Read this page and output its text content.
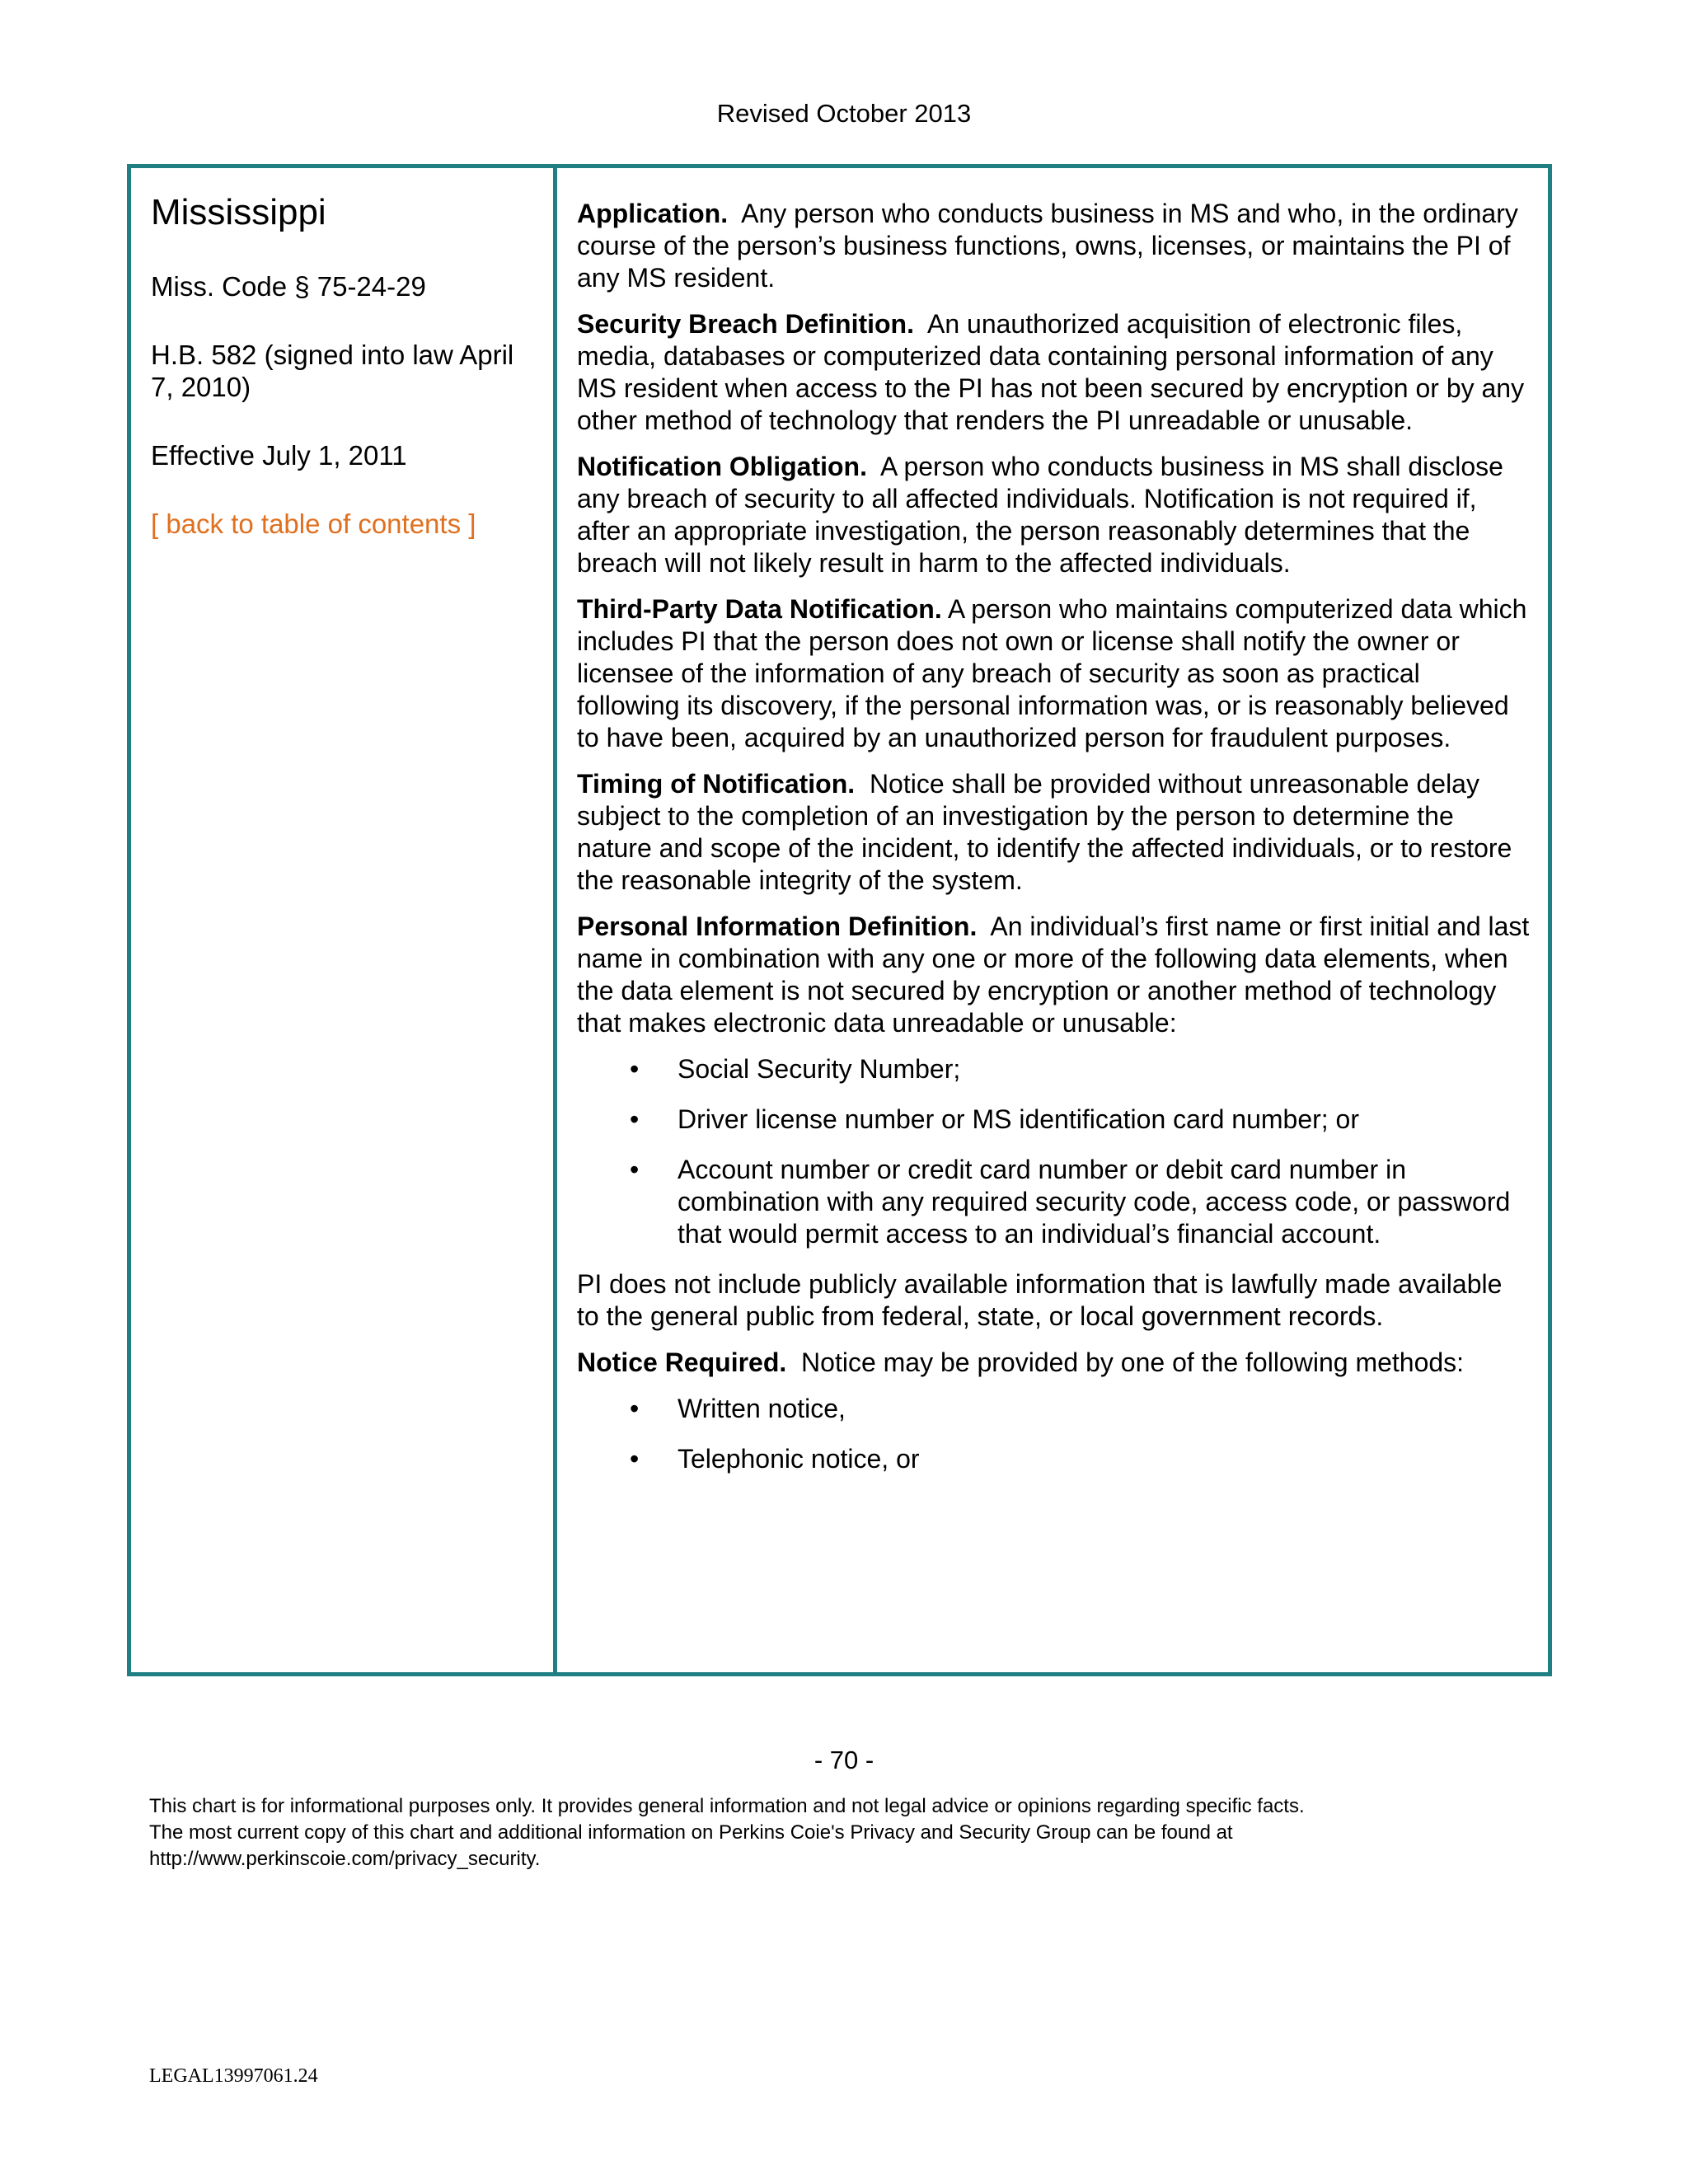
Revised October 2013
Mississippi
Miss. Code § 75-24-29
H.B. 582 (signed into law April 7, 2010)
Effective July 1, 2011
[ back to table of contents ]

Application. Any person who conducts business in MS and who, in the ordinary course of the person’s business functions, owns, licenses, or maintains the PI of any MS resident.

Security Breach Definition. An unauthorized acquisition of electronic files, media, databases or computerized data containing personal information of any MS resident when access to the PI has not been secured by encryption or by any other method of technology that renders the PI unreadable or unusable.

Notification Obligation. A person who conducts business in MS shall disclose any breach of security to all affected individuals. Notification is not required if, after an appropriate investigation, the person reasonably determines that the breach will not likely result in harm to the affected individuals.

Third-Party Data Notification. A person who maintains computerized data which includes PI that the person does not own or license shall notify the owner or licensee of the information of any breach of security as soon as practical following its discovery, if the personal information was, or is reasonably believed to have been, acquired by an unauthorized person for fraudulent purposes.

Timing of Notification. Notice shall be provided without unreasonable delay subject to the completion of an investigation by the person to determine the nature and scope of the incident, to identify the affected individuals, or to restore the reasonable integrity of the system.

Personal Information Definition. An individual’s first name or first initial and last name in combination with any one or more of the following data elements, when the data element is not secured by encryption or another method of technology that makes electronic data unreadable or unusable:

• Social Security Number;
• Driver license number or MS identification card number; or
• Account number or credit card number or debit card number in combination with any required security code, access code, or password that would permit access to an individual’s financial account.

PI does not include publicly available information that is lawfully made available to the general public from federal, state, or local government records.

Notice Required. Notice may be provided by one of the following methods:

• Written notice,
• Telephonic notice, or
- 70 -
This chart is for informational purposes only. It provides general information and not legal advice or opinions regarding specific facts.
The most current copy of this chart and additional information on Perkins Coie's Privacy and Security Group can be found at
http://www.perkinscoie.com/privacy_security.
LEGAL13997061.24
